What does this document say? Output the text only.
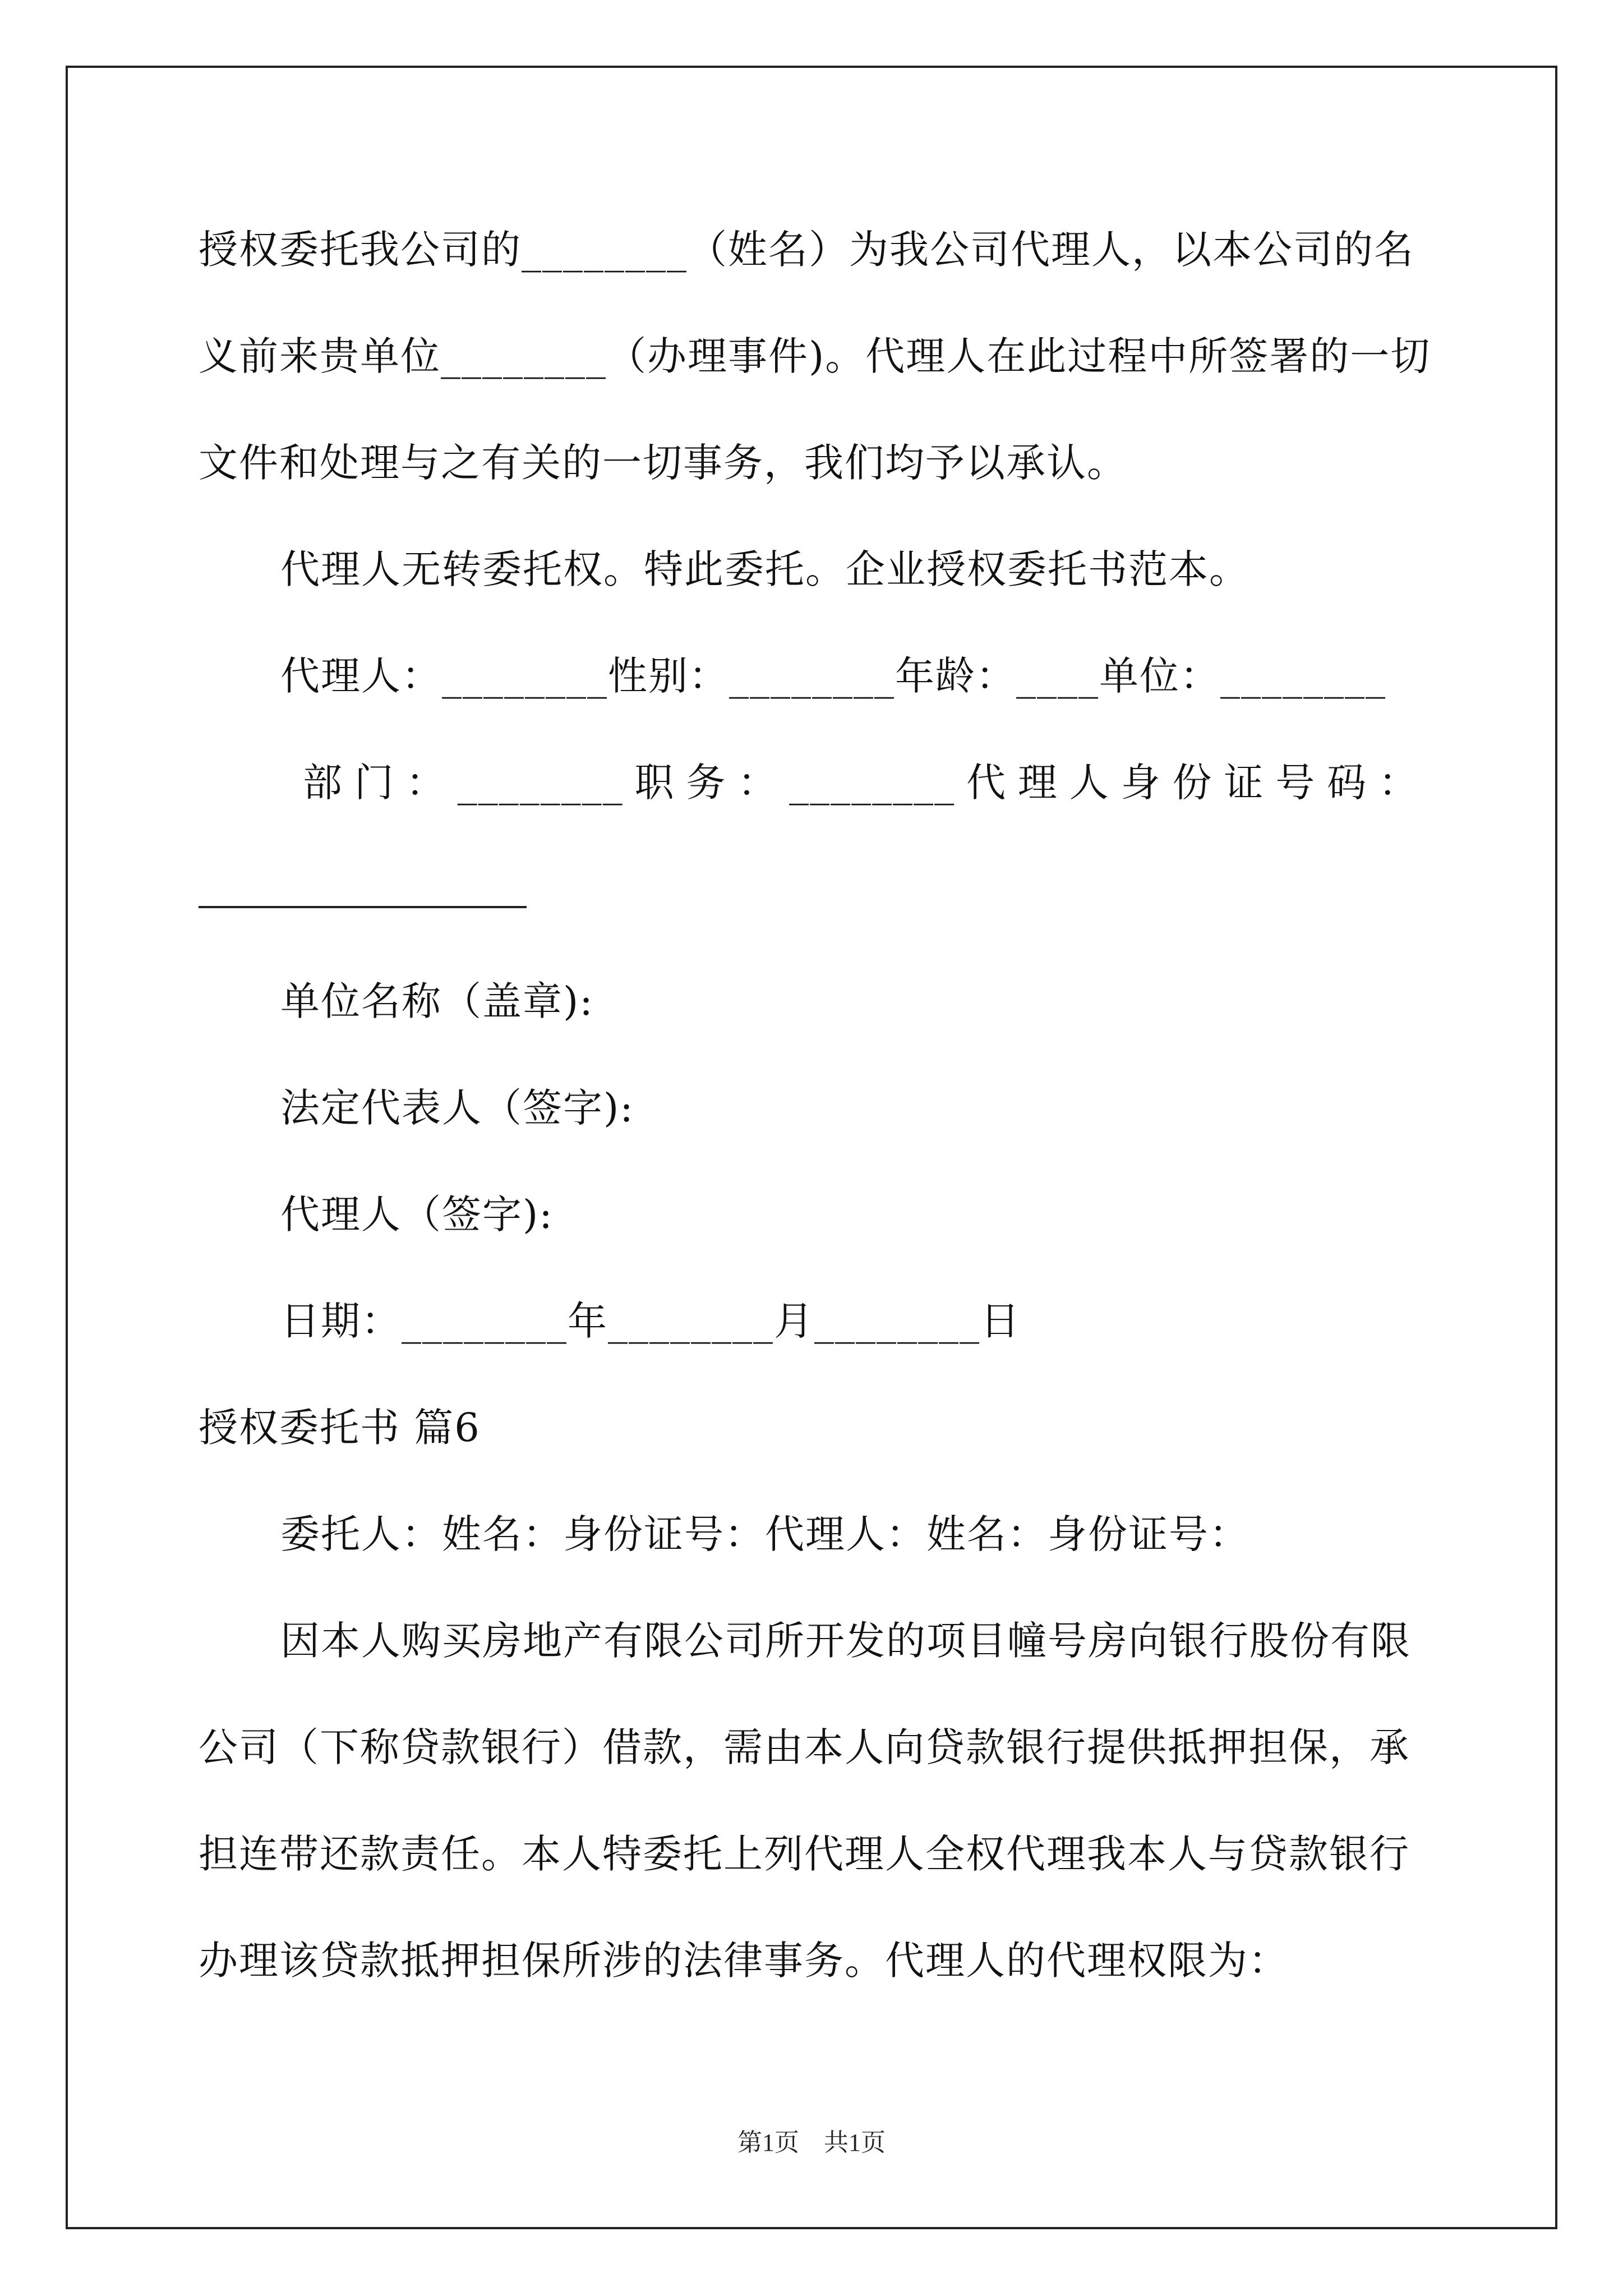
授权委托我公司的________（姓名）为我公司代理人，以本公司的名
义前来贵单位________（办理事件)。代理人在此过程中所签署的一切
文件和处理与之有关的一切事务，我们均予以承认。
代理人无转委托权。特此委托。企业授权委托书范本。
代理人：________性别：________年龄：____单位：________
部 门 ： ________ 职 务 ： ________ 代 理 人 身 份 证 号 码 ：
单位名称（盖章):
法定代表人（签字):
代理人（签字):
日期：________年________月________日
授权委托书 篇6
委托人：姓名：身份证号：代理人：姓名：身份证号：
因本人购买房地产有限公司所开发的项目幢号房向银行股份有限
公司（下称贷款银行）借款，需由本人向贷款银行提供抵押担保，承
担连带还款责任。本人特委托上列代理人全权代理我本人与贷款银行
办理该贷款抵押担保所涉的法律事务。代理人的代理权限为：
第1页　共1页
